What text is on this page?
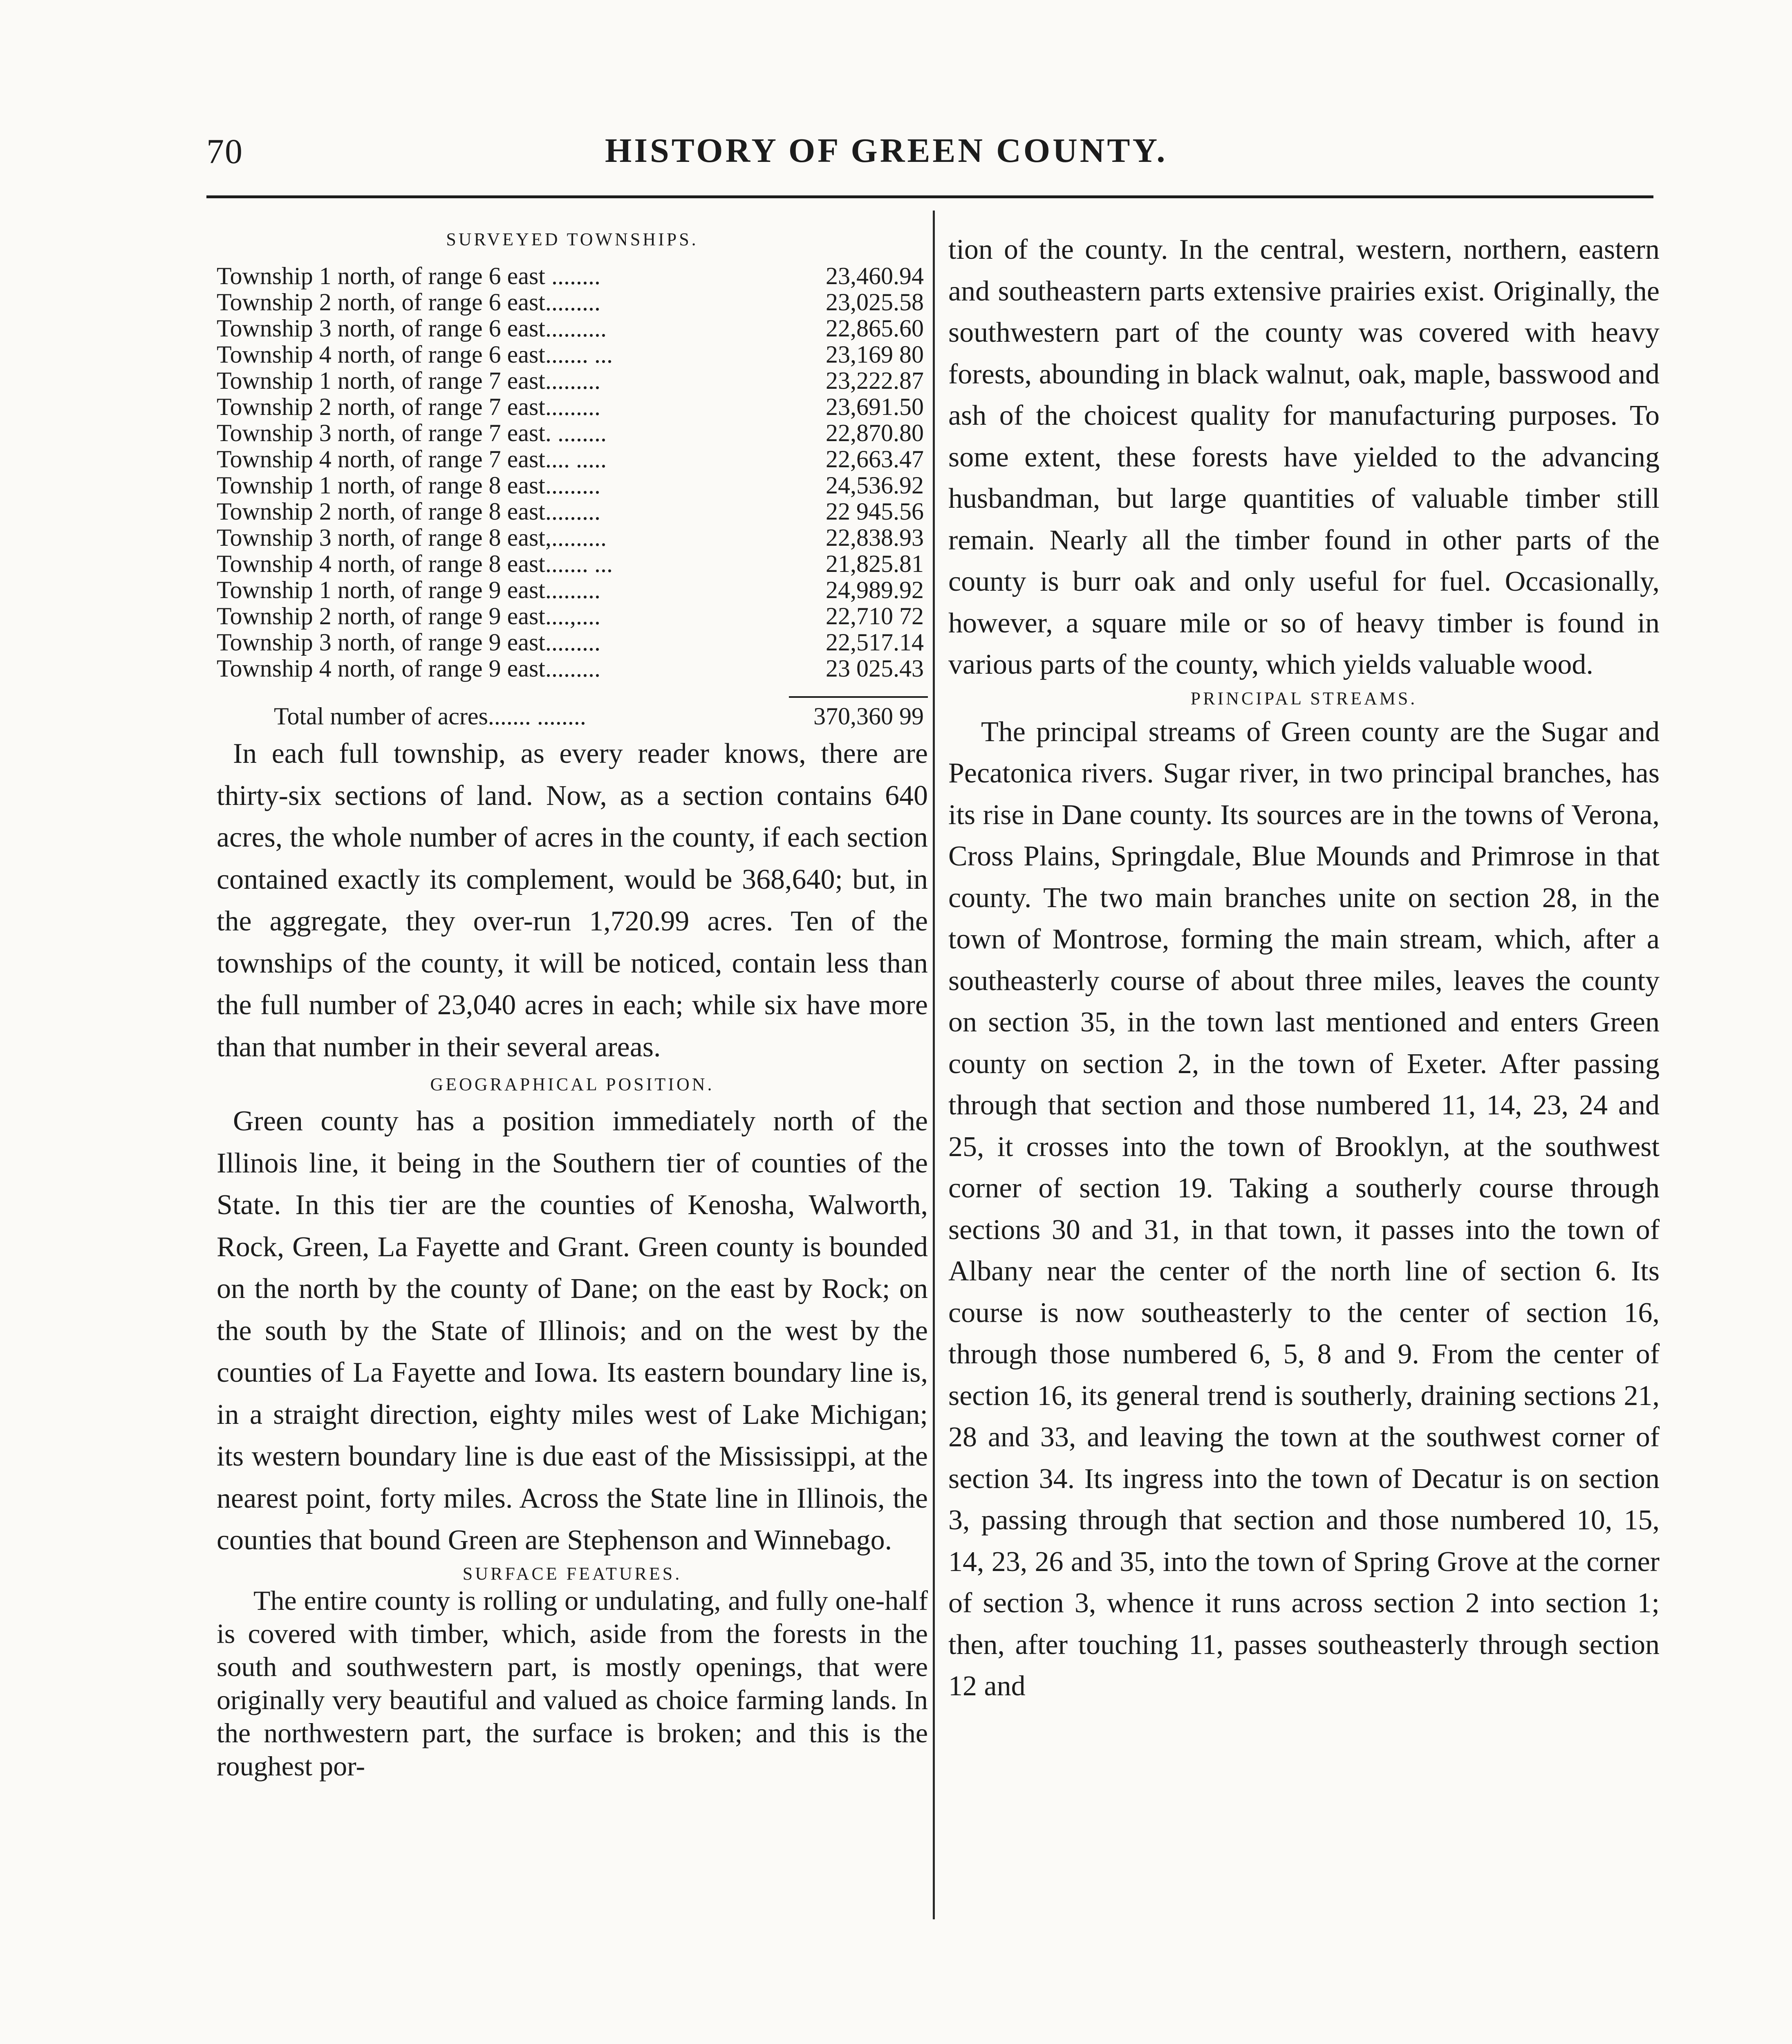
70	HISTORY OF GREEN COUNTY.
SURVEYED TOWNSHIPS.
Township 1 north, of range 6 east ........	23,460.94
Township 2 north, of range 6 east.........	23,025.58
Township 3 north, of range 6 east..........	22,865.60
Township 4 north, of range 6 east....... ...	23,169 80
Township 1 north, of range 7 east.........	23,222.87
Township 2 north, of range 7 east.........	23,691.50
Township 3 north, of range 7 east. ........	22,870.80
Township 4 north, of range 7 east.... .....	22,663.47
Township 1 north, of range 8 east.........	24,536.92
Township 2 north, of range 8 east.........	22 945.56
Township 3 north, of range 8 east,.........	22,838.93
Township 4 north, of range 8 east....... ...	21,825.81
Township 1 north, of range 9 east.........	24,989.92
Township 2 north, of range 9 east....,....	22,710 72
Township 3 north, of range 9 east.........	22,517.14
Township 4 north, of range 9 east.........	23 025.43
Total number of acres....... ........	370,360 99

In each full township, as every reader knows, there are thirty-six sections of land. Now, as a section contains 640 acres, the whole number of acres in the county, if each section contained exactly its complement, would be 368,640; but, in the aggregate, they over-run 1,720.99 acres. Ten of the townships of the county, it will be noticed, contain less than the full number of 23,040 acres in each; while six have more than that number in their several areas.

GEOGRAPHICAL POSITION.

Green county has a position immediately north of the Illinois line, it being in the Southern tier of counties of the State. In this tier are the counties of Kenosha, Walworth, Rock, Green, La Fayette and Grant. Green county is bounded on the north by the county of Dane; on the east by Rock; on the south by the State of Illinois; and on the west by the counties of La Fayette and Iowa. Its eastern boundary line is, in a straight direction, eighty miles west of Lake Michigan; its western boundary line is due east of the Mississippi, at the nearest point, forty miles. Across the State line in Illinois, the counties that bound Green are Stephenson and Winnebago.

SURFACE FEATURES.

The entire county is rolling or undulating, and fully one-half is covered with timber, which, aside from the forests in the south and southwestern part, is mostly openings, that were originally very beautiful and valued as choice farming lands. In the northwestern part, the surface is broken; and this is the roughest por-

tion of the county. In the central, western, northern, eastern and southeastern parts extensive prairies exist. Originally, the southwestern part of the county was covered with heavy forests, abounding in black walnut, oak, maple, basswood and ash of the choicest quality for manufacturing purposes. To some extent, these forests have yielded to the advancing husbandman, but large quantities of valuable timber still remain. Nearly all the timber found in other parts of the county is burr oak and only useful for fuel. Occasionally, however, a square mile or so of heavy timber is found in various parts of the county, which yields valuable wood.

PRINCIPAL STREAMS.

The principal streams of Green county are the Sugar and Pecatonica rivers. Sugar river, in two principal branches, has its rise in Dane county. Its sources are in the towns of Verona, Cross Plains, Springdale, Blue Mounds and Primrose in that county. The two main branches unite on section 28, in the town of Montrose, forming the main stream, which, after a southeasterly course of about three miles, leaves the county on section 35, in the town last mentioned and enters Green county on section 2, in the town of Exeter. After passing through that section and those numbered 11, 14, 23, 24 and 25, it crosses into the town of Brooklyn, at the southwest corner of section 19. Taking a southerly course through sections 30 and 31, in that town, it passes into the town of Albany near the center of the north line of section 6. Its course is now southeasterly to the center of section 16, through those numbered 6, 5, 8 and 9. From the center of section 16, its general trend is southerly, draining sections 21, 28 and 33, and leaving the town at the southwest corner of section 34. Its ingress into the town of Decatur is on section 3, passing through that section and those numbered 10, 15, 14, 23, 26 and 35, into the town of Spring Grove at the corner of section 3, whence it runs across section 2 into section 1; then, after touching 11, passes southeasterly through section 12 and
